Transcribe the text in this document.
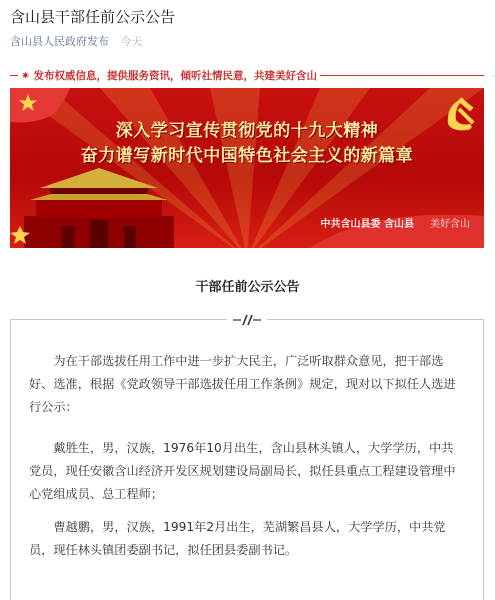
含山县干部任前公示公告
含山县人民政府发布 今天
✷ 发布权威信息，提供服务资讯，倾听社情民意，共建美好含山
深入学习宣传贯彻党的十九大精神
奋力谱写新时代中国特色社会主义的新篇章
中共含山县委 含山县 美好含山
干部任前公示公告
为在干部选拔任用工作中进一步扩大民主，广泛听取群众意见，把干部选好、选准，根据《党政领导干部选拔任用工作条例》规定，现对以下拟任人选进行公示：
戴胜生，男，汉族，1976年10月出生，含山县林头镇人，大学学历，中共党员，现任安徽含山经济开发区规划建设局副局长，拟任县重点工程建设管理中心党组成员、总工程师；
曹越鹏，男，汉族，1991年2月出生，芜湖繁昌县人，大学学历，中共党员，现任林头镇团委副书记，拟任团县委副书记。
